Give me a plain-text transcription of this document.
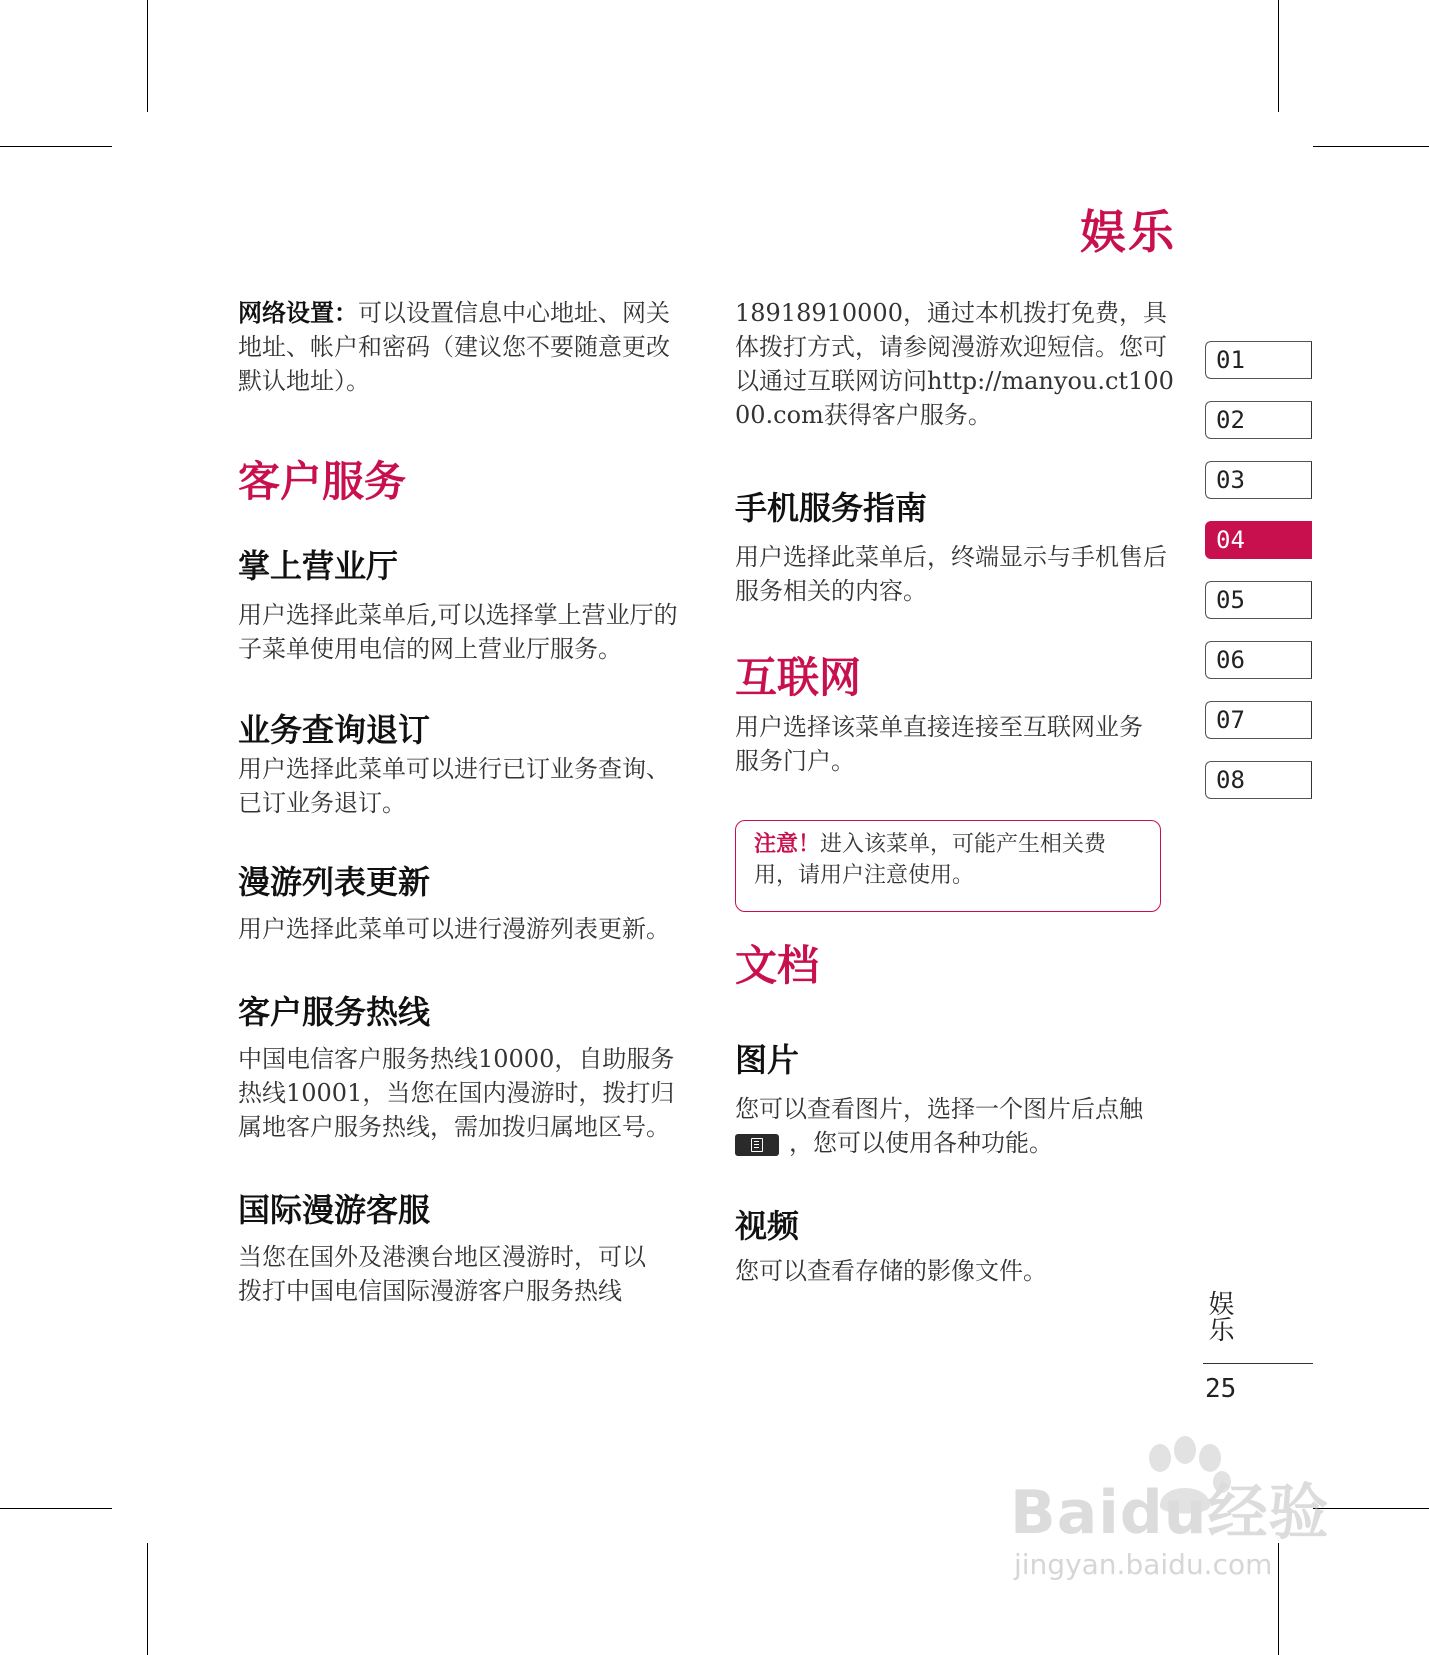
娱乐

网络设置：可以设置信息中心地址、网关地址、帐户和密码（建议您不要随意更改默认地址）。

客户服务
掌上营业厅

用户选择此菜单后,可以选择掌上营业厅的子菜单使用电信的网上营业厅服务。

业务查询退订

用户选择此菜单可以进行已订业务查询、已订业务退订。

漫游列表更新

用户选择此菜单可以进行漫游列表更新。

客户服务热线

中国电信客户服务热线10000，自助服务热线10001，当您在国内漫游时，拨打归属地客户服务热线，需加拨归属地区号。

国际漫游客服

当您在国外及港澳台地区漫游时，可以拨打中国电信国际漫游客户服务热线

18918910000，通过本机拨打免费，具体拨打方式，请参阅漫游欢迎短信。您可以通过互联网访问http://manyou.ct10000.com获得客户服务。

手机服务指南

用户选择此菜单后，终端显示与手机售后服务相关的内容。

互联网

用户选择该菜单直接连接至互联网业务服务门户。

注意！进入该菜单，可能产生相关费用，请用户注意使用。
文档
图片

您可以查看图片，选择一个图片后点触

，您可以使用各种功能。

视频

您可以查看存储的影像文件。

01
02
03
04
05
06
07
08
娱乐
25
Baidu经验
jingyan.baidu.com
